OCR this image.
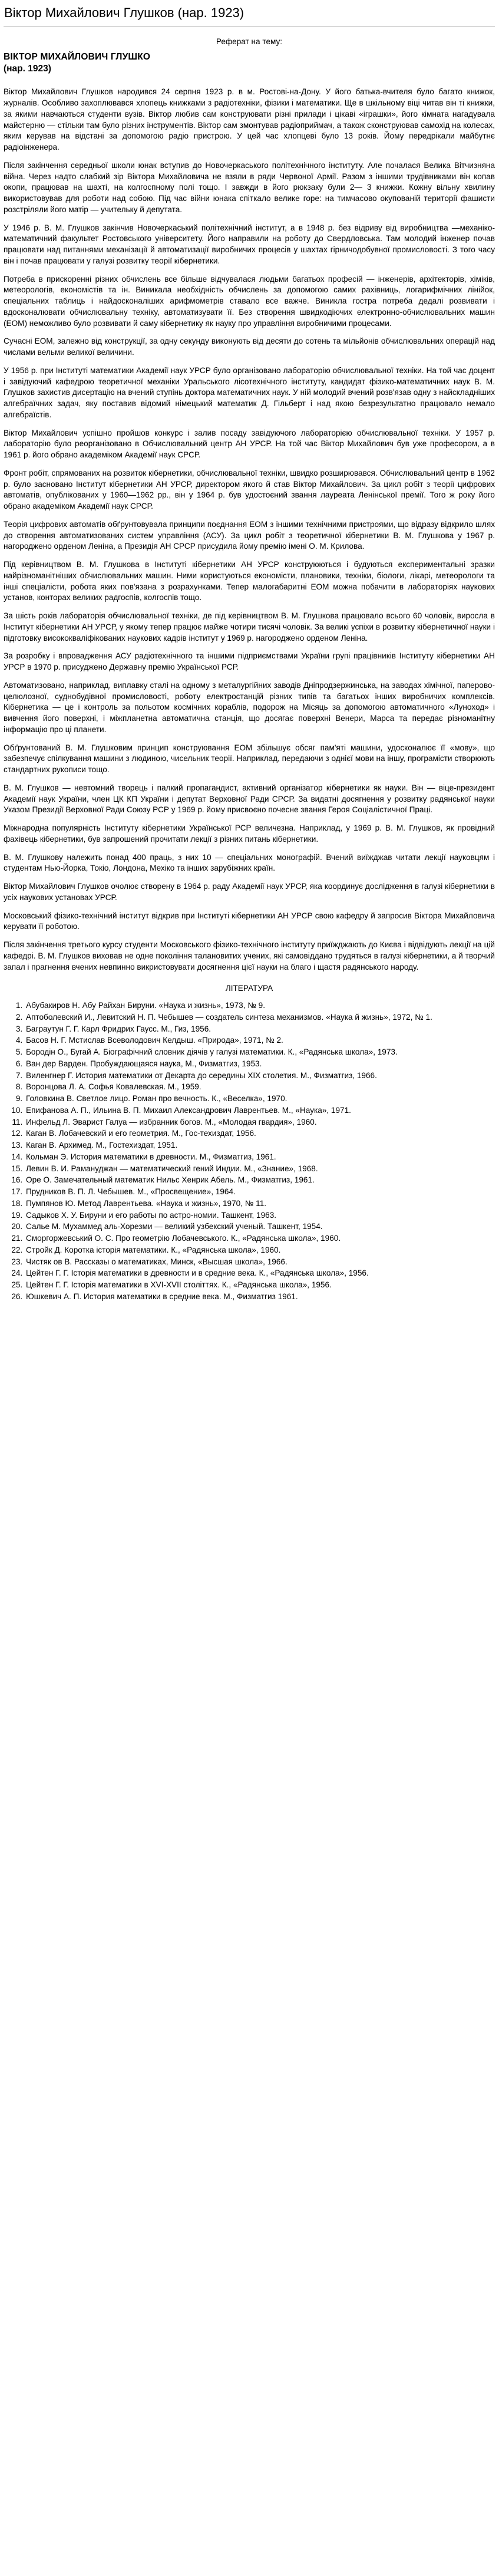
Віктор Михайлович Глушков (нар. 1923)
Реферат на тему:
ВІКТОР МИХАЙЛОВИЧ ГЛУШКО
(нар. 1923)

Віктор Михайлович Глушков народився 24 серпня 1923 р. в м. Ростові-на-Дону. У його батька-вчителя було багато книжок, журналів. Особливо захоплювався хлопець книжками з радіотехніки, фізики і математики. Ще в шкільному віці читав він ті книжки, за якими навчаються студенти вузів. Віктор любив сам конструювати різні прилади і цікаві «іграшки», його кімната нагадувала майстерню — стільки там було різних інструментів. Віктор сам змонтував радіоприймач, а також сконструював самохід на колесах, яким керував на відстані за допомогою радіо пристрою. У цей час хлопцеві було 13 років. Йому передрікали майбутнє радіоінженера.

Після закінчення середньої школи юнак вступив до Новочеркаського політехнічного інституту. Але почалася Велика Вітчизняна війна. Через надто слабкий зір Віктора Михайловича не взяли в ряди Червоної Армії. Разом з іншими трудівниками він копав окопи, працював на шахті, на колгоспному полі тощо. І завжди в його рюкзаку були 2— 3 книжки. Кожну вільну хвилину використовував для роботи над собою. Під час війни юнака спіткало велике горе: на тимчасово окупованій території фашисти розстріляли його матір — учительку й депутата.

У 1946 р. В. М. Глушков закінчив Новочеркаський політехнічний інститут, а в 1948 р. без відриву від виробництва —механіко-математичний факультет Ростовського університету. Його направили на роботу до Свердловська. Там молодий інженер почав працювати над питаннями механізації й автоматизації виробничих процесів у шахтах гірничодобувної промисловості. З того часу він і почав працювати у галузі розвитку теорії кібернетики.

Потреба в прискоренні різних обчислень все більше відчувалася людьми багатьох професій — інженерів, архітекторів, хіміків, метеорологів, економістів та ін. Виникала необхідність обчислень за допомогою самих рахівниць, логарифмічних лінійок, спеціальних таблиць і найдосконаліших арифмометрів ставало все важче. Виникла гостра потреба дедалі розвивати і вдосконалювати обчислювальну техніку, автоматизувати її. Без створення швидкодіючих електронно-обчислювальних машин (ЕОМ) неможливо було розвивати й саму кібернетику як науку про управління виробничими процесами.

Сучасні ЕОМ, залежно від конструкції, за одну секунду виконують від десяти до сотень та мільйонів обчислювальних операцій над числами вельми великої величини.

У 1956 р. при Інституті математики Академії наук УРСР було організовано лабораторію обчислювальної техніки. На той час доцент і завідуючий кафедрою теоретичної механіки Уральського лісотехнічного інституту, кандидат фізико-математичних наук В. М. Глушков захистив дисертацію на вчений ступінь доктора математичних наук. У ній молодий вчений розв'язав одну з найскладніших алгебраїчних задач, яку поставив відомий німецький математик Д. Гільберт і над якою безрезультатно працювало немало алгебраїстів.

Віктор Михайлович успішно пройшов конкурс і залив посаду завідуючого лабораторією обчислювальної техніки. У 1957 р. лабораторію було реорганізовано в Обчислювальний центр АН УРСР. На той час Віктор Михайлович був уже професором, а в 1961 р. його обрано академіком Академії наук СРСР.

Фронт робіт, спрямованих на розвиток кібернетики, обчислювальної техніки, швидко розширювався. Обчислювальний центр в 1962 р. було засновано Інститут кібернетики АН УРСР, директором якого й став Віктор Михайлович. За цикл робіт з теорії цифрових автоматів, опублікованих у 1960—1962 рр., він у 1964 р. був удостоєний звання лауреата Ленінської премії. Того ж року його обрано академіком Академії наук СРСР.

Теорія цифрових автоматів обґрунтовувала принципи поєднання ЕОМ з іншими технічними пристроями, що відразу відкрило шлях до створення автоматизованих систем управління (АСУ). За цикл робіт з теоретичної кібернетики В. М. Глушкова у 1967 р. нагороджено орденом Леніна, а Президія АН СРСР присудила йому премію імені О. М. Крилова.

Під керівництвом В. М. Глушкова в Інституті кібернетики АН УРСР конструюються і будуються експериментальні зразки найрізноманітніших обчислювальних машин. Ними користуються економісти, плановики, техніки, біологи, лікарі, метеорологи та інші спеціалісти, робота яких пов'язана з розрахунками. Тепер малогабаритні ЕОМ можна побачити в лабораторіях наукових установ, конторах великих радгоспів, колгоспів тощо.

За шість років лабораторія обчислювальної техніки, де під керівництвом В. М. Глушкова працювало всього 60 чоловік, виросла в Інститут кібернетики АН УРСР, у якому тепер працює майже чотири тисячі чоловік. За великі успіхи в розвитку кібернетичної науки і підготовку висококваліфікованих наукових кадрів інститут у 1969 р. нагороджено орденом Леніна.

За розробку і впровадження АСУ радіотехнічного та іншими підприємствами України групі працівників Інституту кібернетики АН УРСР в 1970 р. присуджено Державну премію Української РСР.

Автоматизовано, наприклад, виплавку сталі на одному з металургійних заводів Дніпродзержинська, на заводах хімічної, паперово-целюлозної, суднобудівної промисловості, роботу електростанцій різних типів та багатьох інших виробничих комплексів. Кібернетика — це і контроль за польотом космічних кораблів, подорож на Місяць за допомогою автоматичного «Луноход» і вивчення його поверхні, і міжпланетна автоматична станція, що досягає поверхні Венери, Марса та передає різноманітну інформацію про ці планети.

Обґрунтований В. М. Глушковим принцип конструювання ЕОМ збільшує обсяг пам'яті машини, удосконалює її «мову», що забезпечує спілкування машини з людиною, чисельник теорії. Наприклад, передаючи з однієї мови на іншу, програмісти створюють стандартних рукописи тощо.

В. М. Глушков — невтомний творець і палкий пропагандист, активний організатор кібернетики як науки. Він — віце-президент Академії наук України, член ЦК КП України і депутат Верховної Ради СРСР. За видатні досягнення у розвитку радянської науки Указом Президії Верховної Ради Союзу РСР у 1969 р. йому присвоєно почесне звання Героя Соціалістичної Праці.

Міжнародна популярність Інституту кібернетики Української РСР величезна. Наприклад, у 1969 р. В. М. Глушков, як провідний фахівець кібернетики, був запрошений прочитати лекції з різних питань кібернетики.

В. М. Глушкову належить понад 400 праць, з них 10 — спеціальних монографій. Вчений виїжджав читати лекції науковцям і студентам Нью-Йорка, Токіо, Лондона, Мехіко та інших зарубіжних країн.

Віктор Михайлович Глушков очолює створену в 1964 р. раду Академії наук УРСР, яка координує дослідження в галузі кібернетики в усіх наукових установах УРСР.

Московський фізико-технічний інститут відкрив при Інституті кібернетики АН УРСР свою кафедру й запросив Віктора Михайловича керувати її роботою.

Після закінчення третього курсу студенти Московського фізико-технічного інституту приїжджають до Києва і відвідують лекції на цій кафедрі. В. М. Глушков виховав не одне покоління талановитих учених, які самовіддано трудяться в галузі кібернетики, а й творчий запал і прагнення вчених невпинно викристовувати досягнення цієї науки на благо і щастя радянського народу.

ЛІТЕРАТУРА
1. Абубакиров Н. Абу Райхан Бируни. «Наука и жизнь», 1973, № 9.
2. Аптоболевский И., Левитский Н. П. Чебышев — создатель синтеза механизмов. «Наука й жизнь», 1972, № 1.
3. Баграутун Г. Г. Карл Фридрих Гаусс. М., Гиз, 1956.
4. Басов Н. Г. Мстислав Всеволодович Келдыш. «Природа», 1971, № 2.
5. Бородін О., Бугай А. Біографічний словник діячів у галузі математики. К., «Радянська школа», 1973.
6. Ван дер Варден. Пробуждающаяся наука, М., Физматгиз, 1953.
7. Виленгнер Г. История математики от Декарта до середины XIX столетия. М., Физматгиз, 1966.
8. Воронцова Л. А. Софья Ковалевская. М., 1959.
9. Головкина В. Светлое лицо. Роман про вечность. К., «Веселка», 1970.
10. Епифанова А. П., Ильина В. П. Михаил Александрович Лаврентьев. М., «Наука», 1971.
11. Инфельд Л. Эварист Галуа — избранник богов. М., «Молодая гвардия», 1960.
12. Каган В. Лобачевский и его геометрия. М., Гос-техиздат, 1956.
13. Каган В. Архимед. М., Гостехиздат, 1951.
14. Кольман Э. История математики в древности. М., Физматгиз, 1961.
15. Левин В. И. Рамануджан — математический гений Индии. М., «Знание», 1968.
16. Оре О. Замечательный математик Нильс Хенрик Абель. М., Физматгиз, 1961.
17. Прудников В. П. Л. Чебышев. М., «Просвещение», 1964.
18. Пумпянов Ю. Метод Лаврентьева. «Наука и жизнь», 1970, № 11.
19. Садыков Х. У. Бируни и его работы по астро-номии. Ташкент, 1963.
20. Салье М. Мухаммед аль-Хорезми — великий узбекский ученый. Ташкент, 1954.
21. Сморгоржевський О. С. Про геометрію Лобачевського. К., «Радянська школа», 1960.
22. Стройк Д. Коротка історія математики. К., «Радянська школа», 1960.
23. Чистяк ов В. Рассказы о математиках, Минск, «Высшая школа», 1966.
24. Цейтен Г. Г. Історія математики в древности и в средние века. К., «Радянська школа», 1956.
25. Цейтен Г. Г. Історія математики в XVI-XVII століттях. К., «Радянська школа», 1956.
26. Юшкевич А. П. История математики в средние века. М., Физматгиз 1961.
